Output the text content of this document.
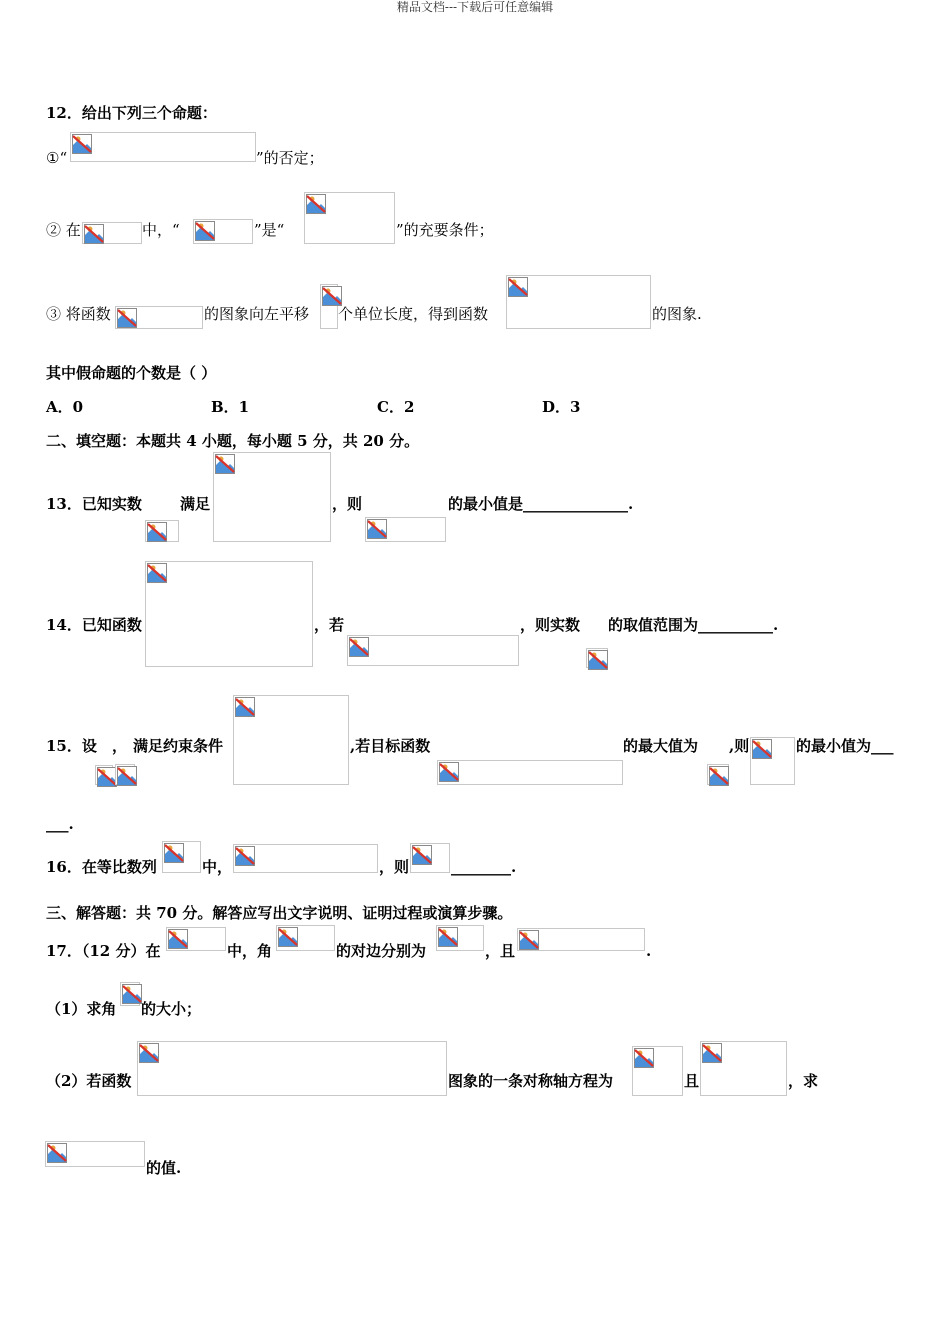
精品文档---下载后可任意编辑
12．给出下列三个命题：
①“	”的否定；
② 在	中，“	”是“	”的充要条件；
③ 将函数	的图象向左平移 个单位长度，得到函数	的图象.
其中假命题的个数是（ ）
A．0	B．1	C．2	D．3
二、填空题：本题共 4 小题，每小题 5 分，共 20 分。
13．已知实数	满足	，则	的最小值是______________.
14．已知函数	，若	，则实数 的取值范围为__________.
15．设 ， 满足约束条件	,若目标函数	的最大值为 ,则	的最小值为___
___.
16．在等比数列	中，	，则	________.
三、解答题：共 70 分。解答应写出文字说明、证明过程或演算步骤。
17．（12 分）在	中，角	的对边分别为	，且	.
（1）求角 的大小；
（2）若函数	图象的一条对称轴方程为	且	，求
的值.
